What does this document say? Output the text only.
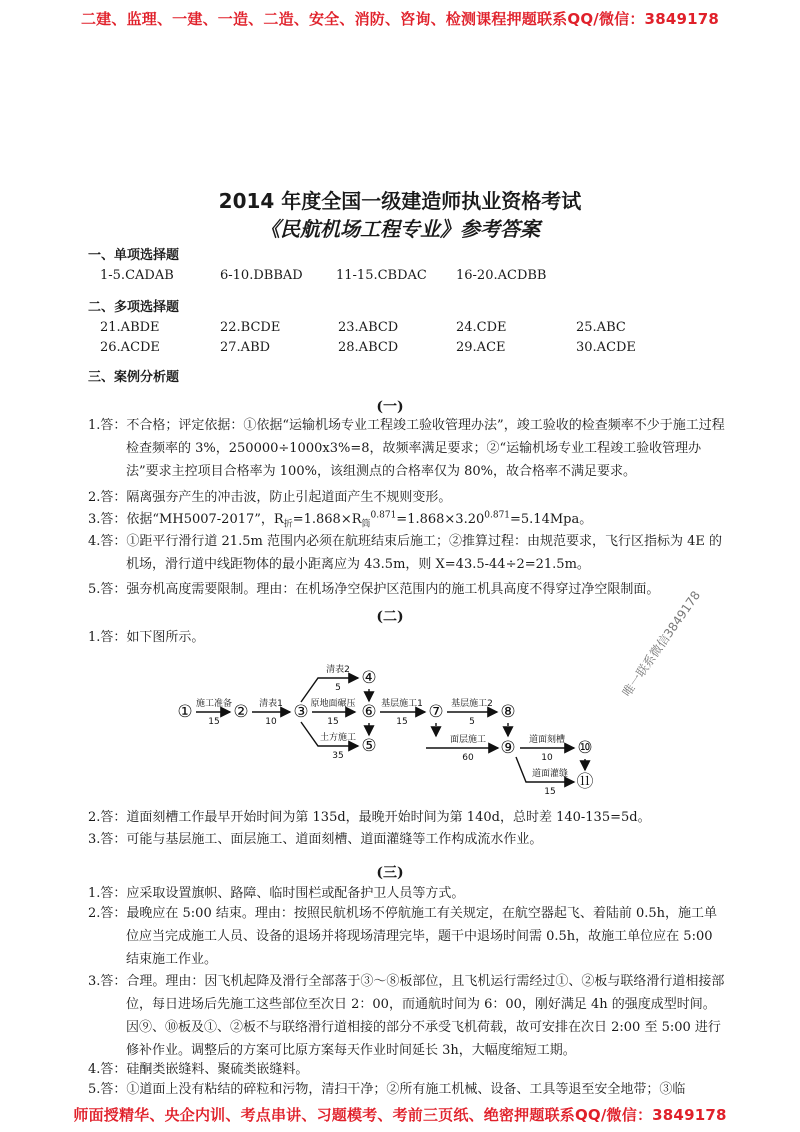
二建、监理、一建、一造、二造、安全、消防、咨询、检测课程押题联系QQ/微信：3849178
2014 年度全国一级建造师执业资格考试
《民航机场工程专业》参考答案
一、单项选择题
1-5.CADAB	6-10.DBBAD	11-15.CBDAC 16-20.ACDBB
二、多项选择题
21.ABDE	22.BCDE	23.ABCD	24.CDE	25.ABC
26.ACDE	27.ABD	28.ABCD	29.ACE	30.ACDE
三、案例分析题
(一)
1.答：不合格；评定依据：①依据“运输机场专业工程竣工验收管理办法”，竣工验收的检查频率不少于施工过程检查频率的 3%，250000÷1000x3%=8，故频率满足要求；②“运输机场专业工程竣工验收管理办法”要求主控项目合格率为 100%，该组测点的合格率仅为 80%，故合格率不满足要求。
2.答：隔离强夯产生的冲击波，防止引起道面产生不规则变形。
3.答：依据“MH5007-2017”，$R_折=1.868\times R_筒^{0.871}=1.868\times 3.20^{0.871}=5.14Mpa$。
4.答：①距平行滑行道 21.5m 范围内必须在航班结束后施工；②推算过程：由规范要求，飞行区指标为 4E 的机场，滑行道中线距物体的最小距离应为 43.5m，则 X=43.5-44÷2=21.5m。
5.答：强夯机高度需要限制。理由：在机场净空保护区范围内的施工机具高度不得穿过净空限制面。
(二)
1.答：如下图所示。
① ②	③
④
⑤
⑥	⑦	⑧
⑨	⑩
⑪
施工准备
15
清表1
10
清表2
5
原地面碾压
15
土方施工
35
基层施工1
15
基层施工2
5
面层施工
60
道面刻槽
10
道面灌缝
15
唯一联系微信3849178
2.答：道面刻槽工作最早开始时间为第 135d，最晚开始时间为第 140d，总时差 140-135=5d。
3.答：可能与基层施工、面层施工、道面刻槽、道面灌缝等工作构成流水作业。
(三)
1.答：应采取设置旗帜、路障、临时围栏或配备护卫人员等方式。
2.答：最晚应在 5:00 结束。理由：按照民航机场不停航施工有关规定，在航空器起飞、着陆前 0.5h，施工单位应当完成施工人员、设备的退场并将现场清理完毕，题干中退场时间需 0.5h，故施工单位应在 5:00 结束施工作业。
3.答：合理。理由：因飞机起降及滑行全部落于③～⑧板部位，且飞机运行需经过①、②板与联络滑行道相接部位，每日进场后先施工这些部位至次日 2：00，而通航时间为 6：00，刚好满足 4h 的强度成型时间。因⑨、⑩板及①、②板不与联络滑行道相接的部分不承受飞机荷载，故可安排在次日 2:00 至 5:00 进行修补作业。调整后的方案可比原方案每天作业时间延长 3h，大幅度缩短工期。
4.答：硅酮类嵌缝料、聚硫类嵌缝料。
5.答：①道面上没有粘结的碎粒和污物，清扫干净；②所有施工机械、设备、工具等退至安全地带；③临
师面授精华、央企内训、考点串讲、习题模考、考前三页纸、绝密押题联系QQ/微信：3849178
